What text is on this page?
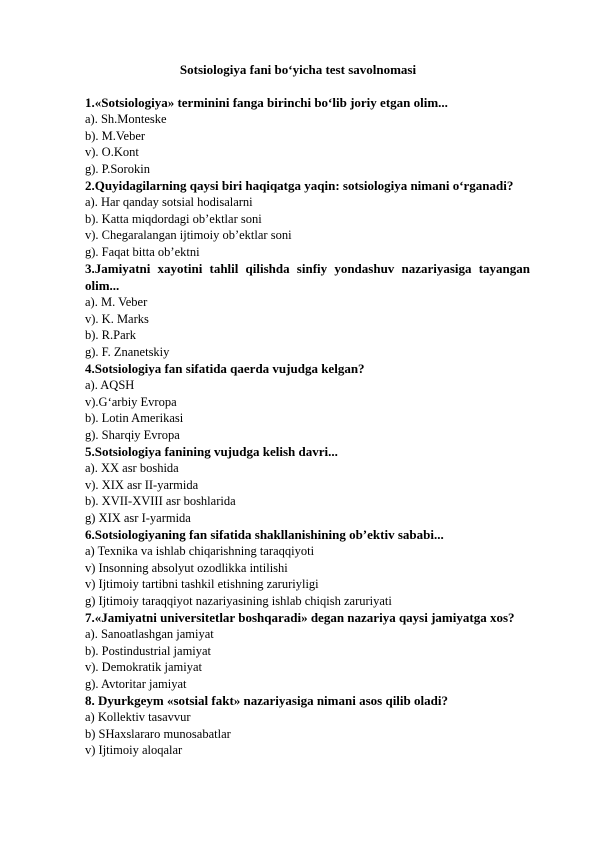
Sotsiologiya fani bo‘yicha test savolnomasi
1.«Sotsiologiya» terminini fanga birinchi bo‘lib joriy etgan olim...
a). Sh.Monteske
b). M.Veber
v). O.Kont
g). P.Sorokin
2.Quyidagilarning qaysi biri haqiqatga yaqin: sotsiologiya nimani o‘rganadi?
a). Har qanday sotsial hodisalarni
b). Katta miqdordagi ob’ektlar soni
v). Chegaralangan ijtimoiy ob’ektlar soni
g). Faqat bitta ob’ektni
3.Jamiyatni xayotini tahlil qilishda sinfiy yondashuv nazariyasiga tayangan olim...
a). M. Veber
v). K. Marks
b). R.Park
g). F. Znanetskiy
4.Sotsiologiya fan sifatida qaerda vujudga kelgan?
a). AQSH
v).G‘arbiy Evropa
b). Lotin Amerikasi
g). Sharqiy Evropa
5.Sotsiologiya fanining vujudga kelish davri...
a). XX asr boshida
v). XIX asr II-yarmida
b). XVII-XVIII asr boshlarida
g) XIX asr I-yarmida
6.Sotsiologiyaning fan sifatida shakllanishining ob’ektiv sababi...
a) Texnika va ishlab chiqarishning taraqqiyoti
v) Insonning absolyut ozodlikka intilishi
v) Ijtimoiy tartibni tashkil etishning zaruriyligi
g) Ijtimoiy taraqqiyot nazariyasining ishlab chiqish zaruriyati
7.«Jamiyatni universitetlar boshqaradi» degan nazariya qaysi jamiyatga xos?
a). Sanoatlashgan jamiyat
b). Postindustrial jamiyat
v). Demokratik jamiyat
g). Avtoritar jamiyat
8. Dyurkgeym «sotsial fakt» nazariyasiga nimani asos qilib oladi?
a) Kollektiv tasavvur
b) SHaxslararo munosabatlar
v) Ijtimoiy aloqalar
